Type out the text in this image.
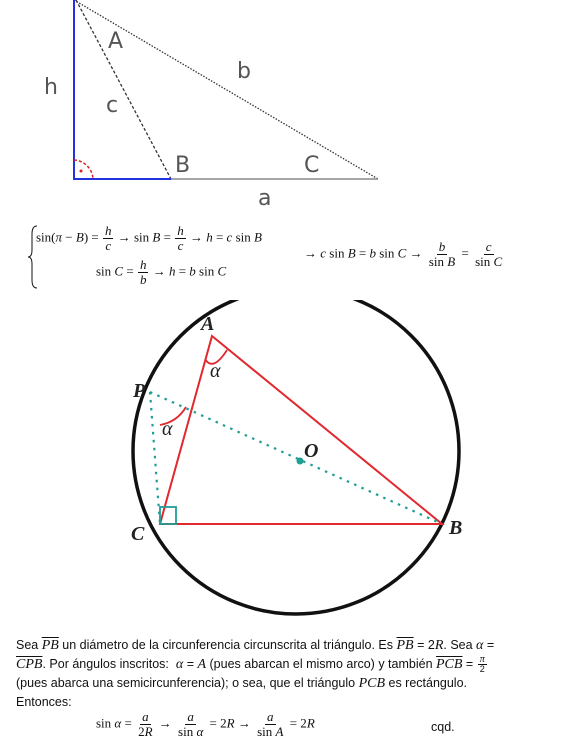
h
A
c
b
B	C
a
$\sin(\pi - B) = \frac{h}{c} \to \sin B = \frac{h}{c} \to h = c$ sin B
$\sin C = \frac{h}{b} \to h = b$ sin C
→ c sin B = b $\sin C \to \frac{b}{\text{sin B}} = \frac{c}{\text{sin C}}$
A
P
α
α
O
C	B
Sea $\overline{PB}$ un diámetro de la circunferencia circunscrita al triángulo. Es $\overline{PB} = 2R$. Sea α =
$\overline{CPB}$. Por ángulos inscritos:  α = A (pues abarcan el mismo arco) y también $\overline{PCB} = \frac{\pi}{2}$
(pues abarca una semicircunferencia); o sea, que el triángulo PCB es rectángulo.
Entonces:
$\sin \alpha = \frac{a}{2R} \to \frac{a}{\text{sin α}} = 2R \to \frac{a}{\text{sin A}} = 2R$	cqd.
